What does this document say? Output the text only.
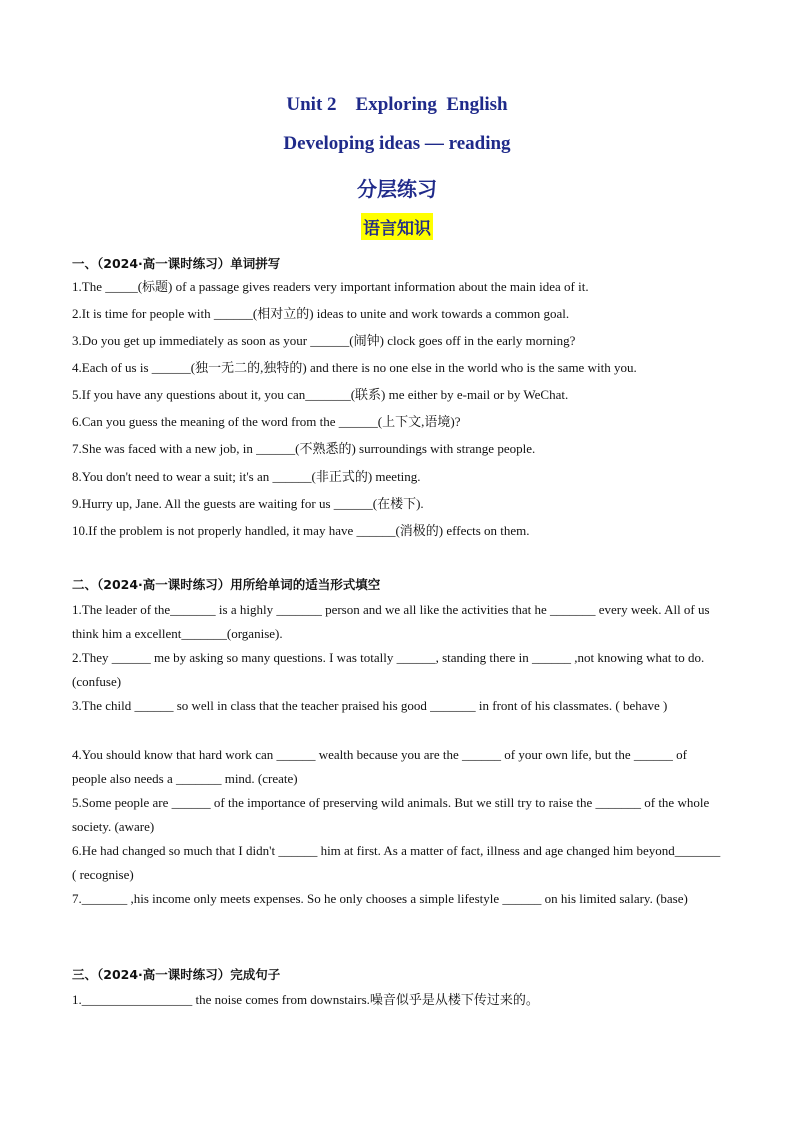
Unit 2    Exploring  English
Developing ideas — reading
分层练习
语言知识
一、（2024·高一课时练习）单词拼写
1.The _____(标题) of a passage gives readers very important information about the main idea of it.
2.It is time for people with ______(相对立的) ideas to unite and work towards a common goal.
3.Do you get up immediately as soon as your ______(闹钟) clock goes off in the early morning?
4.Each of us is ______(独一无二的,独特的) and there is no one else in the world who is the same with you.
5.If you have any questions about it, you can_______(联系) me either by e-mail or by WeChat.
6.Can you guess the meaning of the word from the ______(上下文,语境)?
7.She was faced with a new job, in ______(不熟悉的) surroundings with strange people.
8.You don't need to wear a suit; it's an ______(非正式的) meeting.
9.Hurry up, Jane. All the guests are waiting for us ______(在楼下).
10.If the problem is not properly handled, it may have ______(消极的) effects on them.
二、（2024·高一课时练习）用所给单词的适当形式填空
1.The leader of the_______ is a highly _______ person and we all like the activities that he _______ every week. All of us think him a excellent_______(organise).
2.They ______ me by asking so many questions. I was totally ______, standing there in ______ ,not knowing what to do. (confuse)
3.The child ______ so well in class that the teacher praised his good _______ in front of his classmates. ( behave )
4.You should know that hard work can ______ wealth because you are the ______ of your own life, but the ______ of people also needs a _______ mind. (create)
5.Some people are ______ of the importance of preserving wild animals. But we still try to raise the _______ of the whole society. (aware)
6.He had changed so much that I didn't ______ him at first. As a matter of fact, illness and age changed him beyond_______ ( recognise)
7._______ ,his income only meets expenses. So he only chooses a simple lifestyle ______ on his limited salary. (base)
三、（2024·高一课时练习）完成句子
1._________________ the noise comes from downstairs.噪音似乎是从楼下传过来的。
